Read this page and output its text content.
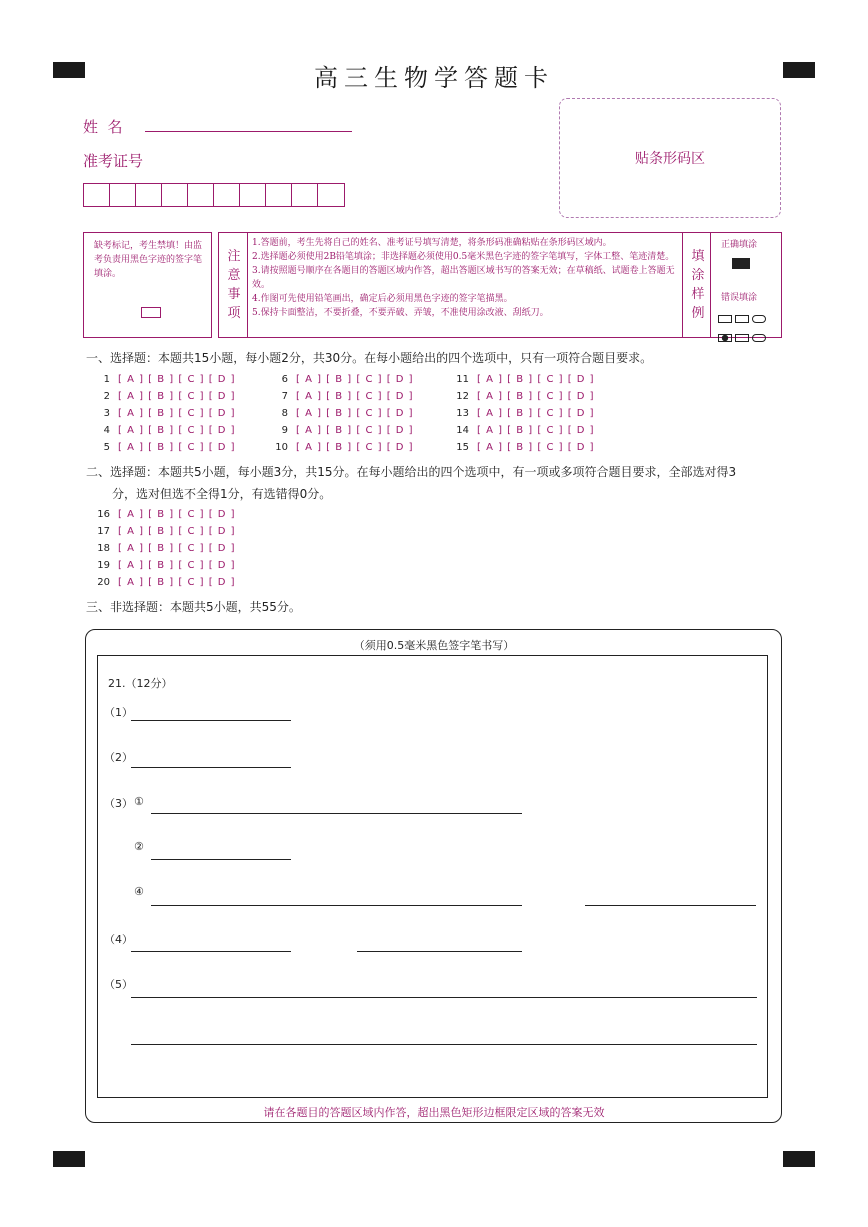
高三生物学答题卡
姓  名
准考证号	贴条形码区
缺考标记，考生禁填！由监考负责用黑色字迹的签字笔填涂。
注
意
事
项
1.答题前，考生先将自己的姓名、准考证号填写清楚，将条形码准确粘贴在条形码区域内。
2.选择题必须使用2B铅笔填涂；非选择题必须使用0.5毫米黑色字迹的签字笔填写，字体工整、笔迹清楚。
3.请按照题号顺序在各题目的答题区域内作答，超出答题区域书写的答案无效；在草稿纸、试题卷上答题无效。
4.作图可先使用铅笔画出，确定后必须用黑色字迹的签字笔描黑。
5.保持卡面整洁，不要折叠，不要弄破、弄皱，不准使用涂改液、刮纸刀。
填
涂
样
例
正确填涂
错误填涂

一、选择题：本题共15小题，每小题2分，共30分。在每小题给出的四个选项中，只有一项符合题目要求。
1 [ A ] [ B ] [ C ] [ D ]
2 [ A ] [ B ] [ C ] [ D ]
3 [ A ] [ B ] [ C ] [ D ]
4 [ A ] [ B ] [ C ] [ D ]
5 [ A ] [ B ] [ C ] [ D ]
6 [ A ] [ B ] [ C ] [ D ]
7 [ A ] [ B ] [ C ] [ D ]
8 [ A ] [ B ] [ C ] [ D ]
9 [ A ] [ B ] [ C ] [ D ]
10 [ A ] [ B ] [ C ] [ D ]
11 [ A ] [ B ] [ C ] [ D ]
12 [ A ] [ B ] [ C ] [ D ]
13 [ A ] [ B ] [ C ] [ D ]
14 [ A ] [ B ] [ C ] [ D ]
15 [ A ] [ B ] [ C ] [ D ]
二、选择题：本题共5小题，每小题3分，共15分。在每小题给出的四个选项中，有一项或多项符合题目要求，全部选对得3
分，选对但选不全得1分，有选错得0分。
16 [ A ] [ B ] [ C ] [ D ]
17 [ A ] [ B ] [ C ] [ D ]
18 [ A ] [ B ] [ C ] [ D ]
19 [ A ] [ B ] [ C ] [ D ]
20 [ A ] [ B ] [ C ] [ D ]
三、非选择题：本题共5小题，共55分。
（须用0.5毫米黑色签字笔书写）
21.（12分）
（1）
（2）
（3） ①
②
④
（4）
（5）
请在各题目的答题区域内作答，超出黑色矩形边框限定区域的答案无效
